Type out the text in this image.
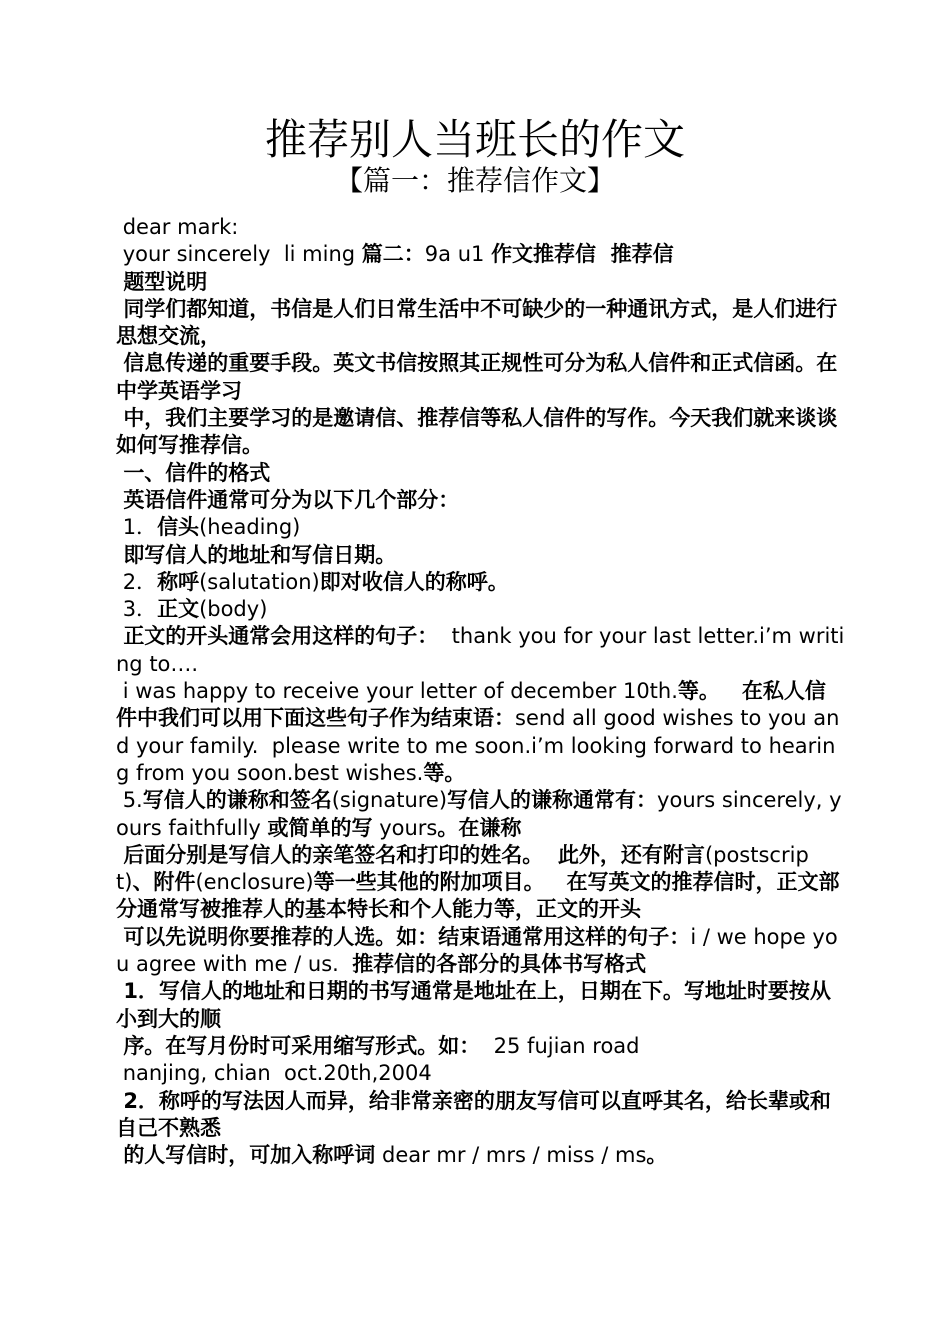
推荐别人当班长的作文
【篇一：推荐信作文】

dear mark:

your sincerely  li ming 篇二：9a u1 作文推荐信  推荐信

题型说明

同学们都知道，书信是人们日常生活中不可缺少的一种通讯方式，是人们进行思想交流，

信息传递的重要手段。英文书信按照其正规性可分为私人信件和正式信函。在中学英语学习

中，我们主要学习的是邀请信、推荐信等私人信件的写作。今天我们就来谈谈如何写推荐信。

一、信件的格式

英语信件通常可分为以下几个部分：

1．信头(heading)

即写信人的地址和写信日期。

2．称呼(salutation)即对收信人的称呼。

3．正文(body)

正文的开头通常会用这样的句子：  thank you for your last letter.i’m writing to….

i was happy to receive your letter of december 10th.等。   在私人信件中我们可以用下面这些句子作为结束语：send all good wishes to you and your family.  please write to me soon.i’m looking forward to hearing from you soon.best wishes.等。

5.写信人的谦称和签名(signature)写信人的谦称通常有：yours sincerely, yours faithfully 或简单的写 yours。在谦称

后面分别是写信人的亲笔签名和打印的姓名。  此外，还有附言(postscript)、附件(enclosure)等一些其他的附加项目。   在写英文的推荐信时，正文部分通常写被推荐人的基本特长和个人能力等，正文的开头

可以先说明你要推荐的人选。如：结束语通常用这样的句子：i / we hope you agree with me / us.  推荐信的各部分的具体书写格式

1．写信人的地址和日期的书写通常是地址在上，日期在下。写地址时要按从小到大的顺

序。在写月份时可采用缩写形式。如：  25 fujian road

nanjing, chian  oct.20th,2004

2．称呼的写法因人而异，给非常亲密的朋友写信可以直呼其名，给长辈或和自己不熟悉

的人写信时，可加入称呼词 dear mr / mrs / miss / ms。
